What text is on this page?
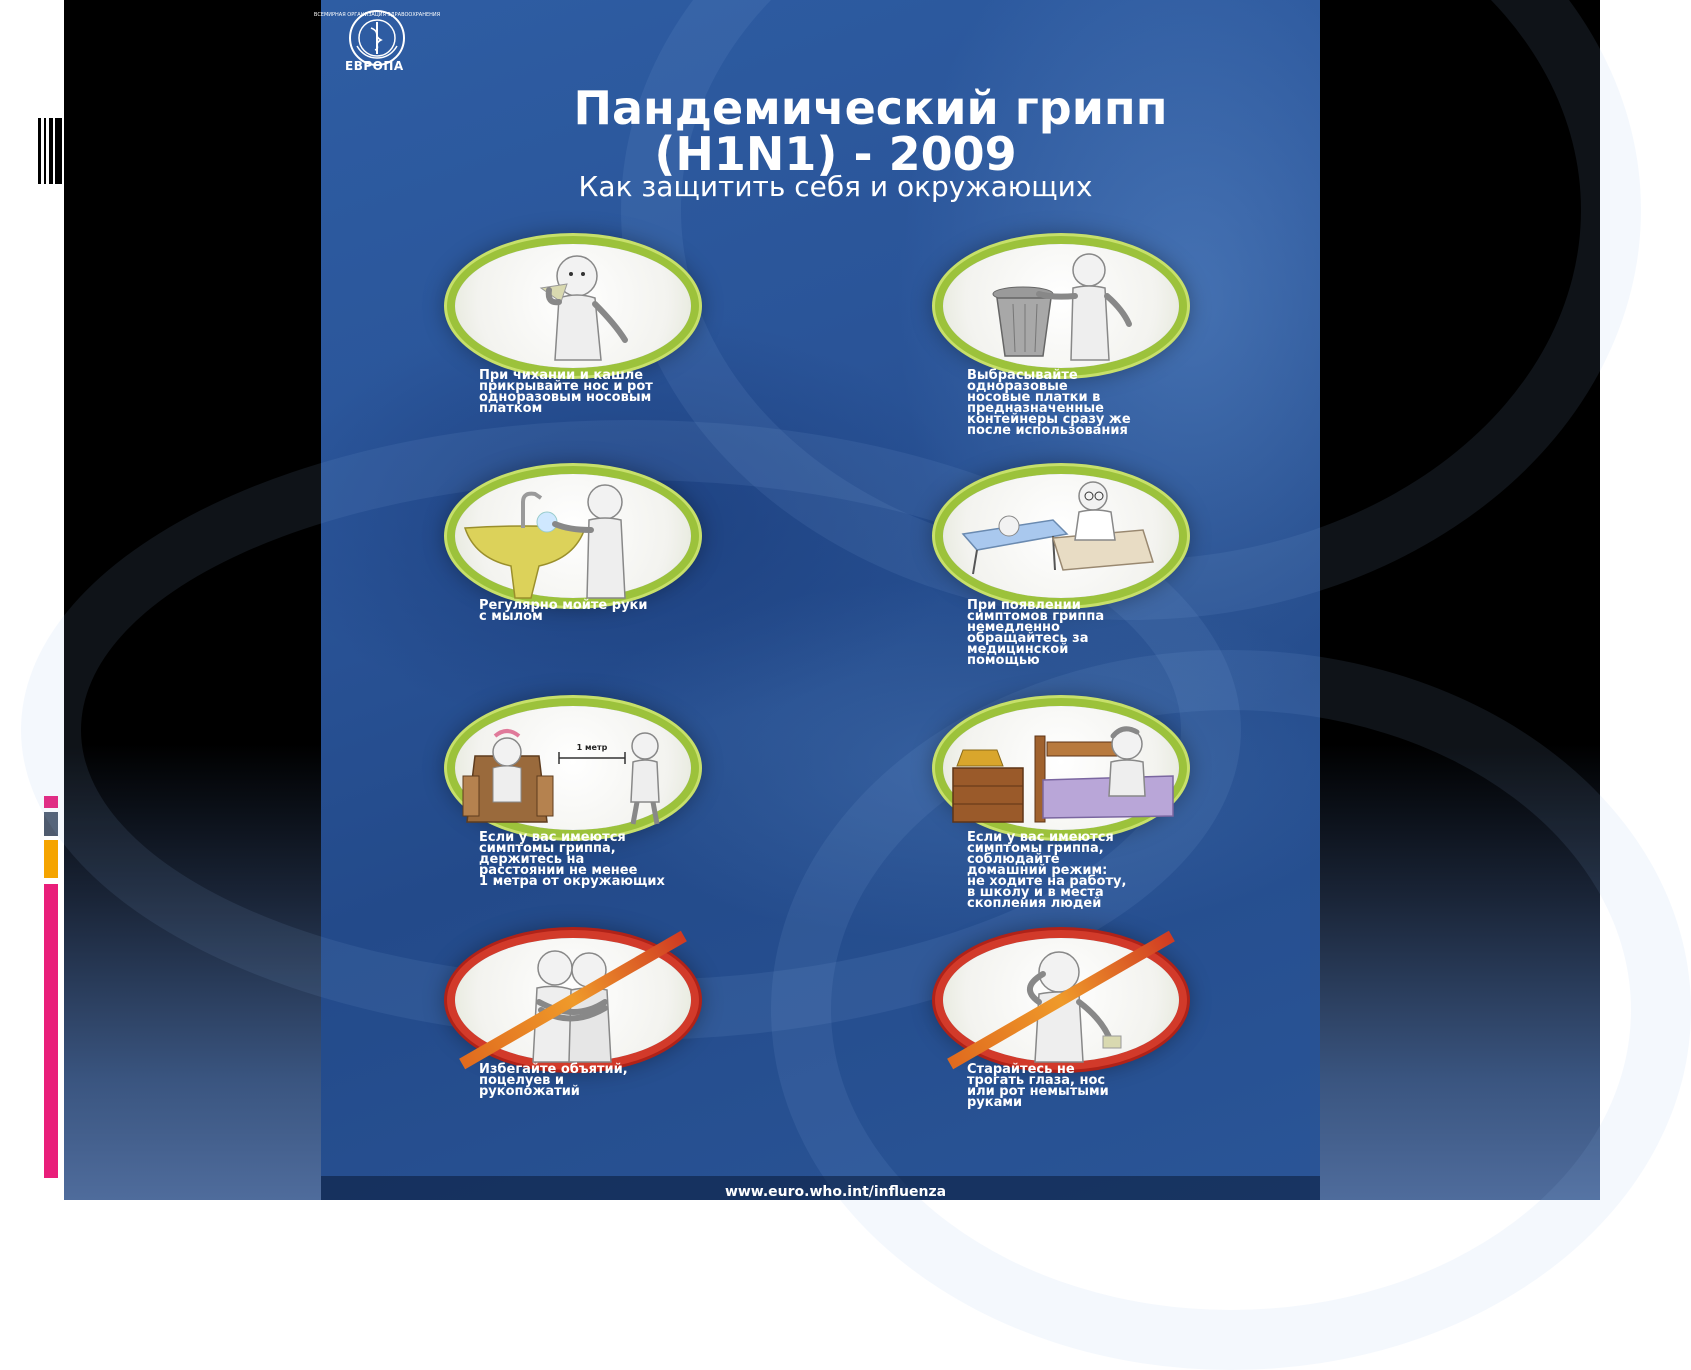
ВСЕМИРНАЯ ОРГАНИЗАЦИЯ ЗДРАВООХРАНЕНИЯ
ЕВРОПА
Пандемический грипп
(H1N1) - 2009
Как защитить себя и окружающих

При чихании и кашле
прикрывайте нос и рот
одноразовым носовым
платком

Выбрасывайте
одноразовые
носовые платки в
предназначенные
контейнеры сразу же
после использования

Регулярно мойте руки
с мылом

При появлении
симптомов гриппа
немедленно
обращайтесь за
медицинской
помощью

1 метр

Если у вас имеются
симптомы гриппа,
держитесь на
расстоянии не менее
1 метра от окружающих

Если у вас имеются
симптомы гриппа,
соблюдайте
домашний режим:
не ходите на работу,
в школу и в места
скопления людей

Избегайте объятий,
поцелуев и
рукопожатий

Старайтесь не
трогать глаза, нос
или рот немытыми
руками

www.euro.who.int/influenza
